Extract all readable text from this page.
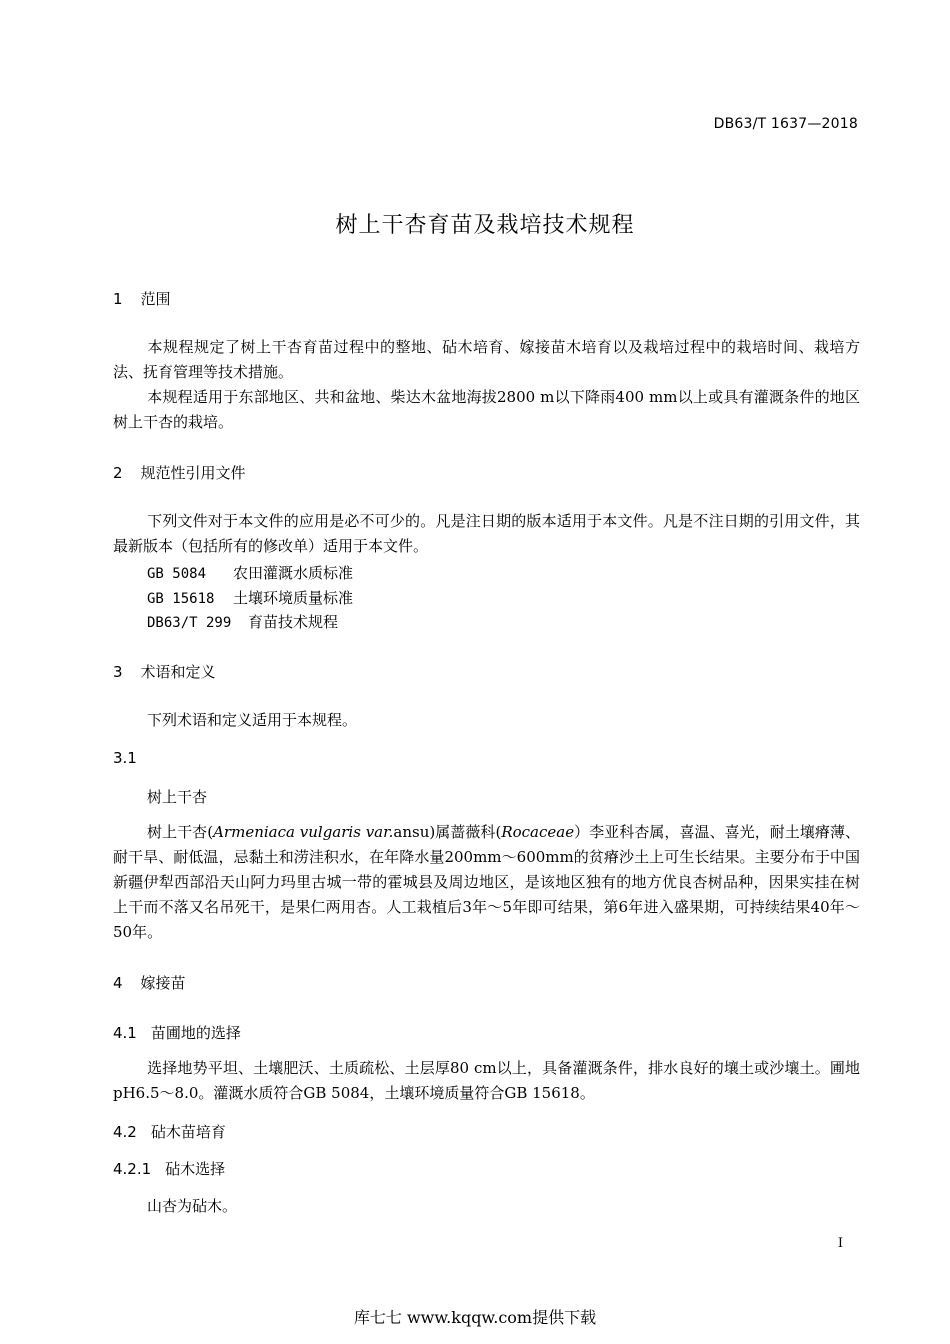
DB63/T 1637—2018
树上干杏育苗及栽培技术规程
1 范围
本规程规定了树上干杏育苗过程中的整地、砧木培育、嫁接苗木培育以及栽培过程中的栽培时间、栽培方法、抚育管理等技术措施。
本规程适用于东部地区、共和盆地、柴达木盆地海拔2800 m以下降雨400 mm以上或具有灌溉条件的地区树上干杏的栽培。
2 规范性引用文件
下列文件对于本文件的应用是必不可少的。凡是注日期的版本适用于本文件。凡是不注日期的引用文件，其最新版本（包括所有的修改单）适用于本文件。
GB 5084 农田灌溉水质标准
GB 15618 土壤环境质量标准
DB63/T 299 育苗技术规程
3 术语和定义
下列术语和定义适用于本规程。
3.1
树上干杏
树上干杏(Armeniaca vulgaris var.ansu)属蔷薇科(Rocaceae）李亚科杏属，喜温、喜光，耐土壤瘠薄、耐干旱、耐低温，忌黏土和涝洼积水，在年降水量200mm～600mm的贫瘠沙土上可生长结果。主要分布于中国新疆伊犁西部沿天山阿力玛里古城一带的霍城县及周边地区，是该地区独有的地方优良杏树品种，因果实挂在树上干而不落又名吊死干，是果仁两用杏。人工栽植后3年～5年即可结果，第6年进入盛果期，可持续结果40年～50年。
4 嫁接苗
4.1 苗圃地的选择
选择地势平坦、土壤肥沃、土质疏松、土层厚80 cm以上，具备灌溉条件，排水良好的壤土或沙壤土。圃地pH6.5～8.0。灌溉水质符合GB 5084，土壤环境质量符合GB 15618。
4.2 砧木苗培育
4.2.1 砧木选择
山杏为砧木。
I
库七七 www.kqqw.com提供下载
